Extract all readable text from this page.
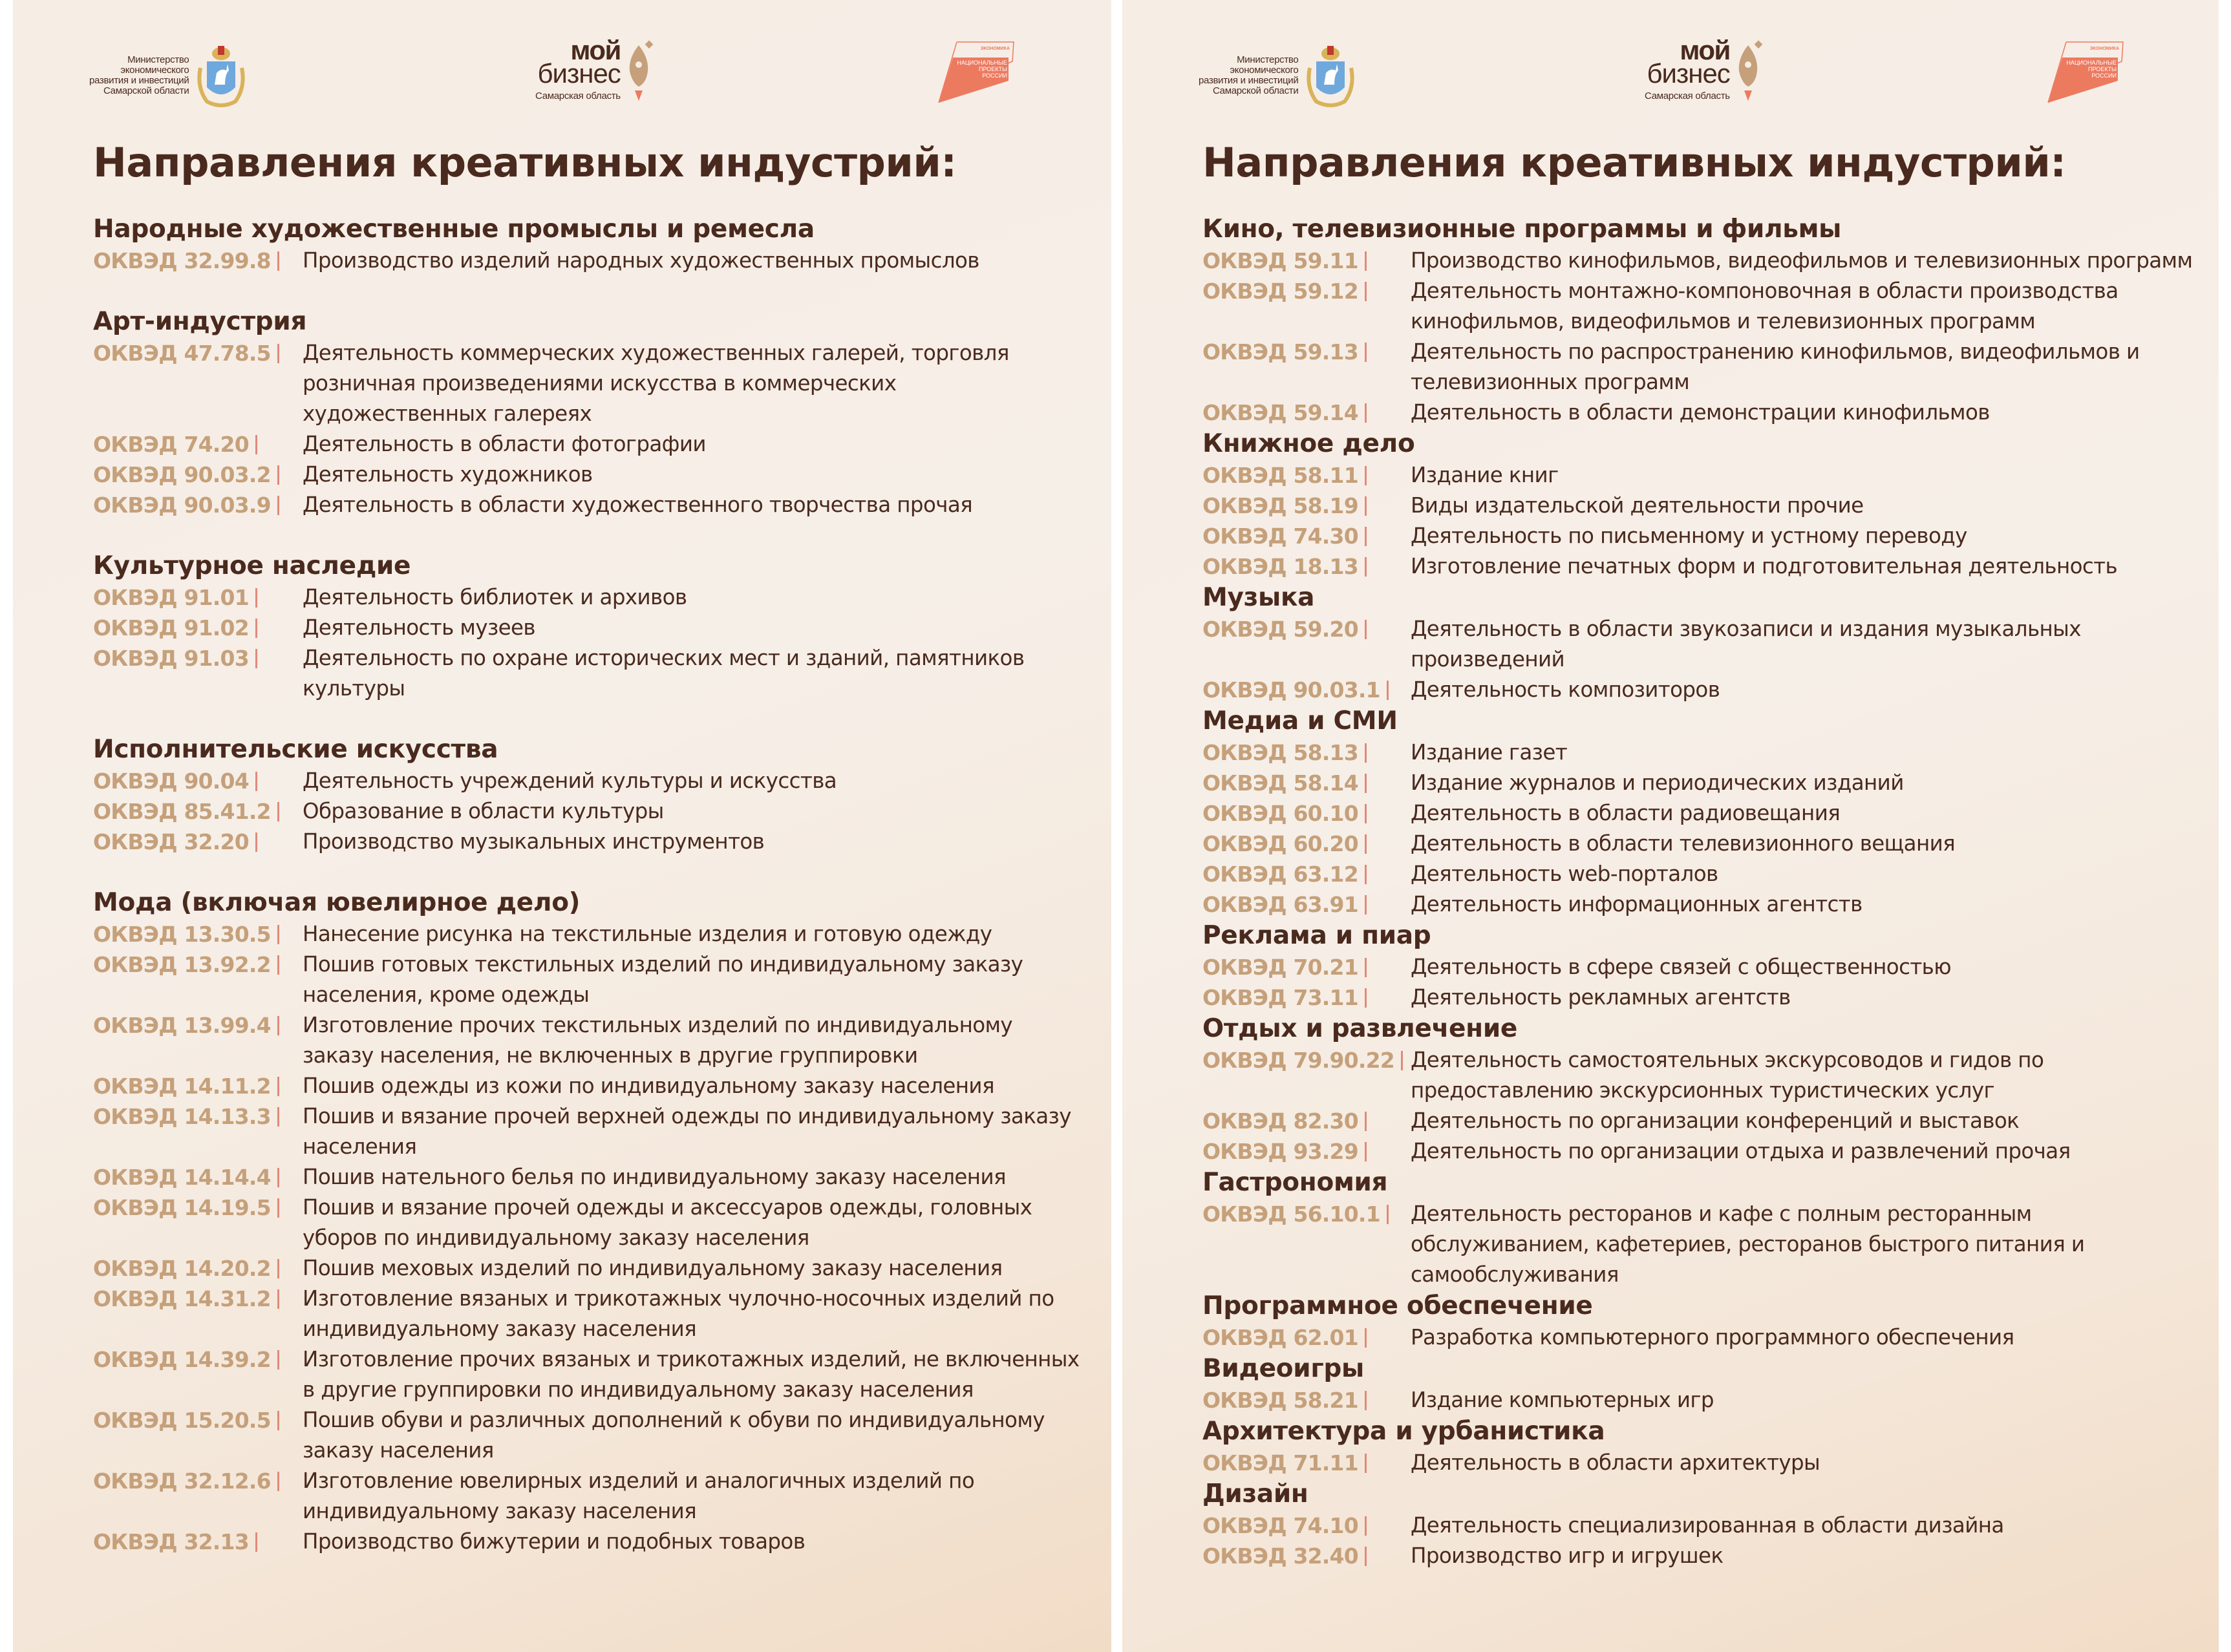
Министерство
экономического
развития и инвестиций
Самарской области
мой
бизнес
Самарская область
ЭКОНОМИКА
НАЦИОНАЛЬНЫЕ
ПРОЕКТЫ
РОССИИ
Направления креативных индустрий:
Народные художественные промыслы и ремесла
ОКВЭД 32.99.8	Производство изделий народных художественных промыслов
Арт-индустрия
ОКВЭД 47.78.5	Деятельность коммерческих художественных галерей, торговля розничная произведениями искусства в коммерческих художественных галереях
ОКВЭД 74.20	Деятельность в области фотографии
ОКВЭД 90.03.2	Деятельность художников
ОКВЭД 90.03.9	Деятельность в области художественного творчества прочая
Культурное наследие
ОКВЭД 91.01	Деятельность библиотек и архивов
ОКВЭД 91.02	Деятельность музеев
ОКВЭД 91.03	Деятельность по охране исторических мест и зданий, памятников культуры
Исполнительские искусства
ОКВЭД 90.04	Деятельность учреждений культуры и искусства
ОКВЭД 85.41.2	Образование в области культуры
ОКВЭД 32.20	Производство музыкальных инструментов
Мода (включая ювелирное дело)
ОКВЭД 13.30.5	Нанесение рисунка на текстильные изделия и готовую одежду
ОКВЭД 13.92.2	Пошив готовых текстильных изделий по индивидуальному заказу населения, кроме одежды
ОКВЭД 13.99.4	Изготовление прочих текстильных изделий по индивидуальному заказу населения, не включенных в другие группировки
ОКВЭД 14.11.2	Пошив одежды из кожи по индивидуальному заказу населения
ОКВЭД 14.13.3	Пошив и вязание прочей верхней одежды по индивидуальному заказу населения
ОКВЭД 14.14.4	Пошив нательного белья по индивидуальному заказу населения
ОКВЭД 14.19.5	Пошив и вязание прочей одежды и аксессуаров одежды, головных уборов по индивидуальному заказу населения
ОКВЭД 14.20.2	Пошив меховых изделий по индивидуальному заказу населения
ОКВЭД 14.31.2	Изготовление вязаных и трикотажных чулочно-носочных изделий по индивидуальному заказу населения
ОКВЭД 14.39.2	Изготовление прочих вязаных и трикотажных изделий, не включенных в другие группировки по индивидуальному заказу населения
ОКВЭД 15.20.5	Пошив обуви и различных дополнений к обуви по индивидуальному заказу населения
ОКВЭД 32.12.6	Изготовление ювелирных изделий и аналогичных изделий по индивидуальному заказу населения
ОКВЭД 32.13	Производство бижутерии и подобных товаров
Министерство
экономического
развития и инвестиций
Самарской области
мой
бизнес
Самарская область
ЭКОНОМИКА
НАЦИОНАЛЬНЫЕ
ПРОЕКТЫ
РОССИИ
Направления креативных индустрий:
Кино, телевизионные программы и фильмы
ОКВЭД 59.11	Производство кинофильмов, видеофильмов и телевизионных программ
ОКВЭД 59.12	Деятельность монтажно-компоновочная в области производства кинофильмов, видеофильмов и телевизионных программ
ОКВЭД 59.13	Деятельность по распространению кинофильмов, видеофильмов и телевизионных программ
ОКВЭД 59.14	Деятельность в области демонстрации кинофильмов
Книжное дело
ОКВЭД 58.11	Издание книг
ОКВЭД 58.19	Виды издательской деятельности прочие
ОКВЭД 74.30	Деятельность по письменному и устному переводу
ОКВЭД 18.13	Изготовление печатных форм и подготовительная деятельность
Музыка
ОКВЭД 59.20	Деятельность в области звукозаписи и издания музыкальных произведений
ОКВЭД 90.03.1	Деятельность композиторов
Медиа и СМИ
ОКВЭД 58.13	Издание газет
ОКВЭД 58.14	Издание журналов и периодических изданий
ОКВЭД 60.10	Деятельность в области радиовещания
ОКВЭД 60.20	Деятельность в области телевизионного вещания
ОКВЭД 63.12	Деятельность web-порталов
ОКВЭД 63.91	Деятельность информационных агентств
Реклама и пиар
ОКВЭД 70.21	Деятельность в сфере связей с общественностью
ОКВЭД 73.11	Деятельность рекламных агентств
Отдых и развлечение
ОКВЭД 79.90.22 Деятельность самостоятельных экскурсоводов и гидов по предоставлению экскурсионных туристических услуг
ОКВЭД 82.30	Деятельность по организации конференций и выставок
ОКВЭД 93.29	Деятельность по организации отдыха и развлечений прочая
Гастрономия
ОКВЭД 56.10.1	Деятельность ресторанов и кафе с полным ресторанным обслуживанием, кафетериев, ресторанов быстрого питания и самообслуживания
Программное обеспечение
ОКВЭД 62.01	Разработка компьютерного программного обеспечения
Видеоигры
ОКВЭД 58.21	Издание компьютерных игр
Архитектура и урбанистика
ОКВЭД 71.11	Деятельность в области архитектуры
Дизайн
ОКВЭД 74.10	Деятельность специализированная в области дизайна
ОКВЭД 32.40	Производство игр и игрушек
